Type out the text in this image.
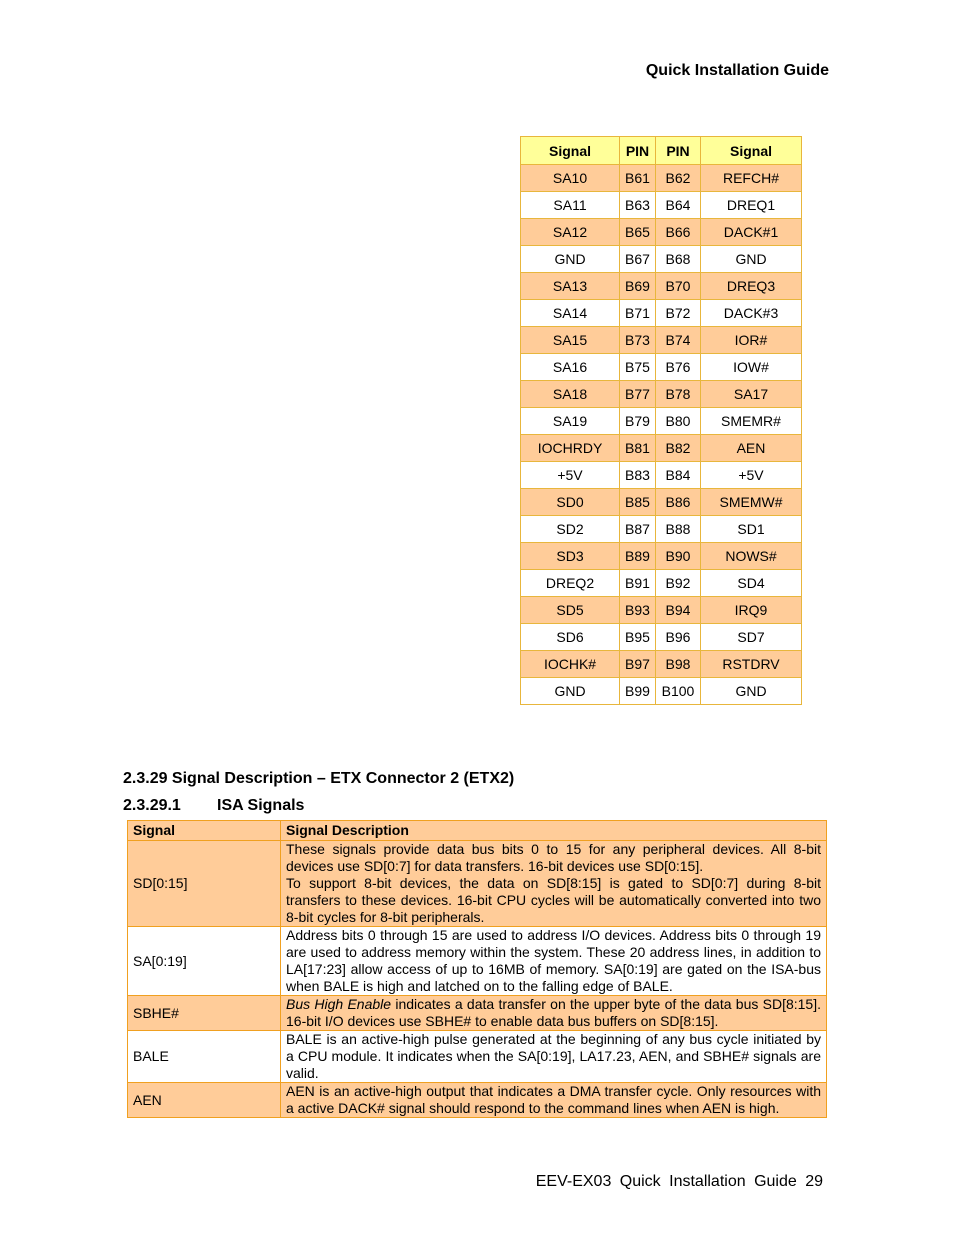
Quick Installation Guide
Signal	PIN	PIN	Signal
SA10	B61	B62	REFCH#
SA11	B63	B64	DREQ1
SA12	B65	B66	DACK#1
GND	B67	B68	GND
SA13	B69	B70	DREQ3
SA14	B71	B72	DACK#3
SA15	B73	B74	IOR#
SA16	B75	B76	IOW#
SA18	B77	B78	SA17
SA19	B79	B80	SMEMR#
IOCHRDY	B81	B82	AEN
+5V	B83	B84	+5V
SD0	B85	B86	SMEMW#
SD2	B87	B88	SD1
SD3	B89	B90	NOWS#
DREQ2	B91	B92	SD4
SD5	B93	B94	IRQ9
SD6	B95	B96	SD7
IOCHK#	B97	B98	RSTDRV
GND	B99	B100	GND
2.3.29 Signal Description – ETX Connector 2 (ETX2)
2.3.29.1 ISA Signals
Signal	Signal Description
SD[0:15]	These signals provide data bus bits 0 to 15 for any peripheral devices. All 8-bit devices use SD[0:7] for data transfers. 16-bit devices use SD[0:15].
To support 8-bit devices, the data on SD[8:15] is gated to SD[0:7] during 8-bit transfers to these devices. 16-bit CPU cycles will be automatically converted into two 8-bit cycles for 8-bit peripherals.

SA[0:19]	Address bits 0 through 15 are used to address I/O devices. Address bits 0 through 19 are used to address memory within the system. These 20 address lines, in addition to LA[17:23] allow access of up to 16MB of memory. SA[0:19] are gated on the ISA-bus when BALE is high and latched on to the falling edge of BALE.
SBHE#	Bus High Enable indicates a data transfer on the upper byte of the data bus SD[8:15]. 16-bit I/O devices use SBHE# to enable data bus buffers on SD[8:15].
BALE	BALE is an active-high pulse generated at the beginning of any bus cycle initiated by a CPU module. It indicates when the SA[0:19], LA17.23, AEN, and SBHE# signals are valid.
AEN	AEN is an active-high output that indicates a DMA transfer cycle. Only resources with a active DACK# signal should respond to the command lines when AEN is high.
EEV-EX03 Quick Installation Guide 29
